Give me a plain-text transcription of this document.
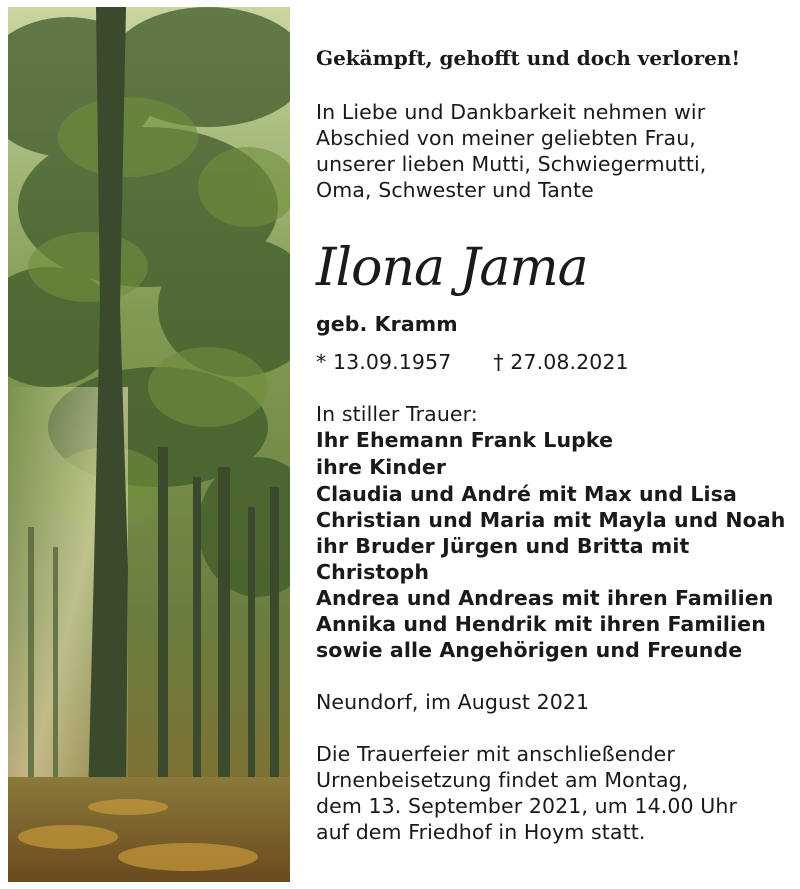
Gekämpft, gehofft und doch verloren!
In Liebe und Dankbarkeit nehmen wir
Abschied von meiner geliebten Frau,
unserer lieben Mutti, Schwiegermutti,
Oma, Schwester und Tante
Ilona Jama
geb. Kramm
* 13.09.1957 † 27.08.2021
In stiller Trauer:
Ihr Ehemann Frank Lupke
ihre Kinder
Claudia und André mit Max und Lisa
Christian und Maria mit Mayla und Noah
ihr Bruder Jürgen und Britta mit
Christoph
Andrea und Andreas mit ihren Familien
Annika und Hendrik mit ihren Familien
sowie alle Angehörigen und Freunde
Neundorf, im August 2021
Die Trauerfeier mit anschließender
Urnenbeisetzung findet am Montag,
dem 13. September 2021, um 14.00 Uhr
auf dem Friedhof in Hoym statt.
